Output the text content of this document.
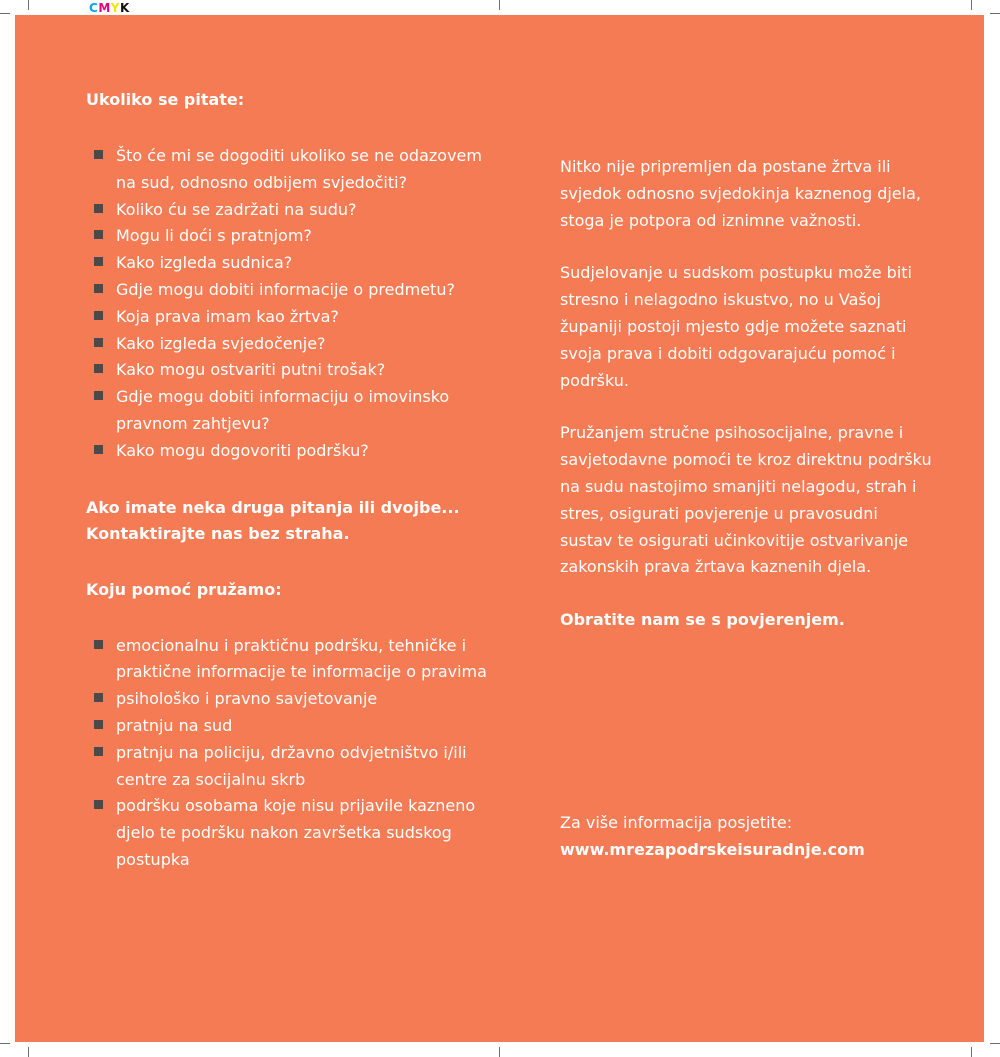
CMYK

Ukoliko se pitate:

Što će mi se dogoditi ukoliko se ne odazovem na sud, odnosno odbijem svjedočiti?
Koliko ću se zadržati na sudu?
Mogu li doći s pratnjom?
Kako izgleda sudnica?
Gdje mogu dobiti informacije o predmetu?
Koja prava imam kao žrtva?
Kako izgleda svjedočenje?
Kako mogu ostvariti putni trošak?
Gdje mogu dobiti informaciju o imovinsko pravnom zahtjevu?
Kako mogu dogovoriti podršku?

Ako imate neka druga pitanja ili dvojbe...

Kontaktirajte nas bez straha.

Koju pomoć pružamo:

emocionalnu i praktičnu podršku, tehničke i praktične informacije te informacije o pravima
psihološko i pravno savjetovanje
pratnju na sud
pratnju na policiju, državno odvjetništvo i/ili centre za socijalnu skrb
podršku osobama koje nisu prijavile kazneno djelo te podršku nakon završetka sudskog postupka

Nitko nije pripremljen da postane žrtva ili svjedok odnosno svjedokinja kaznenog djela, stoga je potpora od iznimne važnosti.

Sudjelovanje u sudskom postupku može biti stresno i nelagodno iskustvo, no u Vašoj županiji postoji mjesto gdje možete saznati svoja prava i dobiti odgovarajuću pomoć i podršku.

Pružanjem stručne psihosocijalne, pravne i savjetodavne pomoći te kroz direktnu podršku na sudu nastojimo smanjiti nelagodu, strah i stres, osigurati povjerenje u pravosudni sustav te osigurati učinkovitije ostvarivanje zakonskih prava žrtava kaznenih djela.

Obratite nam se s povjerenjem.

Za više informacija posjetite:

www.mrezapodrskeisuradnje.com
